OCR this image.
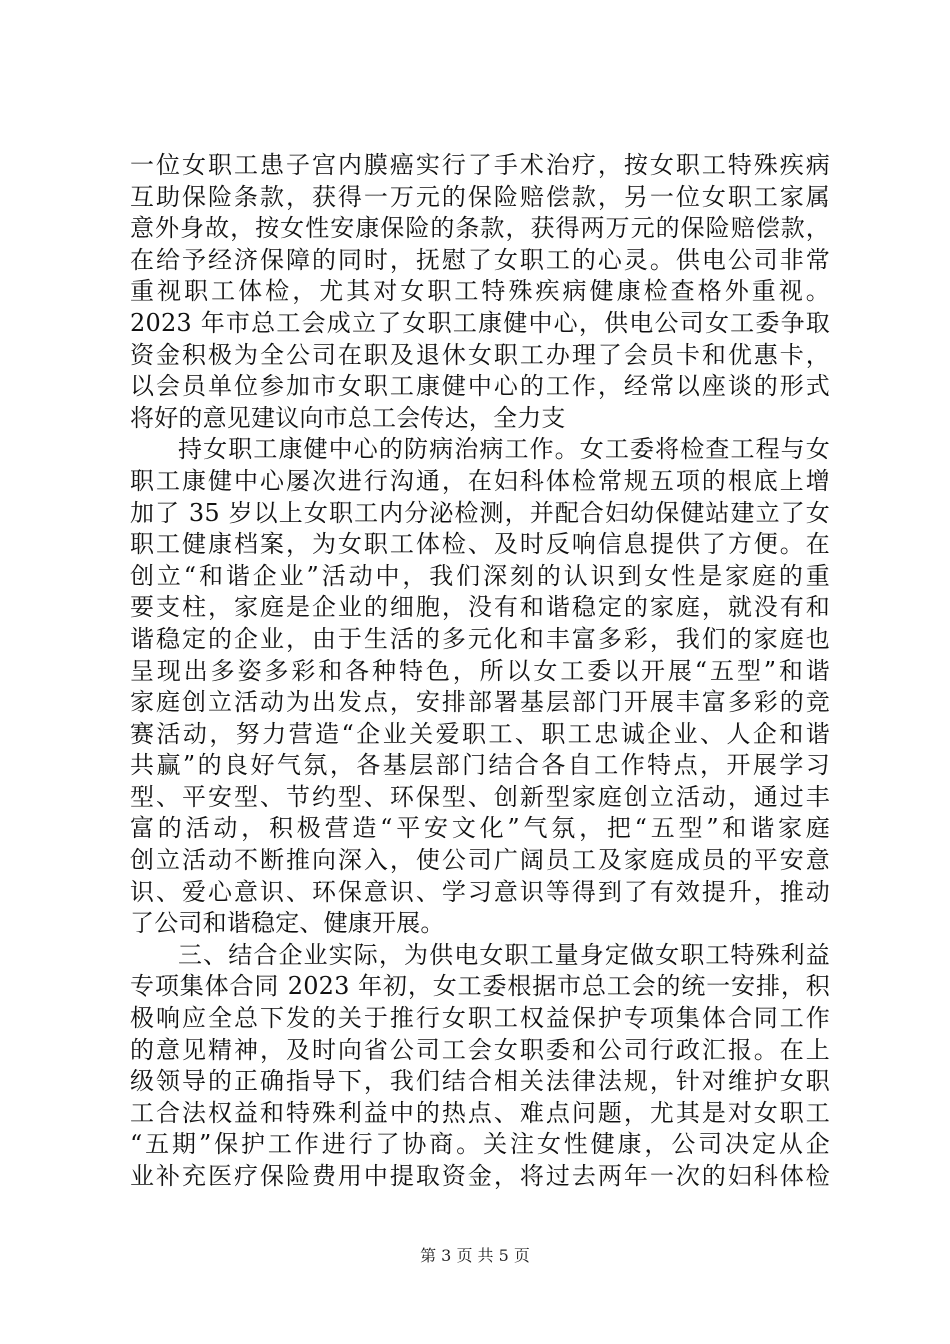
一位女职工患子宫内膜癌实行了手术治疗，按女职工特殊疾病
互助保险条款，获得一万元的保险赔偿款，另一位女职工家属
意外身故，按女性安康保险的条款，获得两万元的保险赔偿款，
在给予经济保障的同时，抚慰了女职工的心灵。供电公司非常
重视职工体检，尤其对女职工特殊疾病健康检查格外重视。
2023 年市总工会成立了女职工康健中心，供电公司女工委争取
资金积极为全公司在职及退休女职工办理了会员卡和优惠卡，
以会员单位参加市女职工康健中心的工作，经常以座谈的形式
将好的意见建议向市总工会传达，全力支
持女职工康健中心的防病治病工作。女工委将检查工程与女
职工康健中心屡次进行沟通，在妇科体检常规五项的根底上增
加了 35 岁以上女职工内分泌检测，并配合妇幼保健站建立了女
职工健康档案，为女职工体检、及时反响信息提供了方便。在
创立“和谐企业”活动中，我们深刻的认识到女性是家庭的重
要支柱，家庭是企业的细胞，没有和谐稳定的家庭，就没有和
谐稳定的企业，由于生活的多元化和丰富多彩，我们的家庭也
呈现出多姿多彩和各种特色，所以女工委以开展“五型”和谐
家庭创立活动为出发点，安排部署基层部门开展丰富多彩的竞
赛活动，努力营造“企业关爱职工、职工忠诚企业、人企和谐
共赢”的良好气氛，各基层部门结合各自工作特点，开展学习
型、平安型、节约型、环保型、创新型家庭创立活动，通过丰
富的活动，积极营造“平安文化”气氛，把“五型”和谐家庭
创立活动不断推向深入，使公司广阔员工及家庭成员的平安意
识、爱心意识、环保意识、学习意识等得到了有效提升，推动
了公司和谐稳定、健康开展。
三、结合企业实际，为供电女职工量身定做女职工特殊利益
专项集体合同 2023 年初，女工委根据市总工会的统一安排，积
极响应全总下发的关于推行女职工权益保护专项集体合同工作
的意见精神，及时向省公司工会女职委和公司行政汇报。在上
级领导的正确指导下，我们结合相关法律法规，针对维护女职
工合法权益和特殊利益中的热点、难点问题，尤其是对女职工
“五期”保护工作进行了协商。关注女性健康，公司决定从企
业补充医疗保险费用中提取资金，将过去两年一次的妇科体检
第 3 页 共 5 页
